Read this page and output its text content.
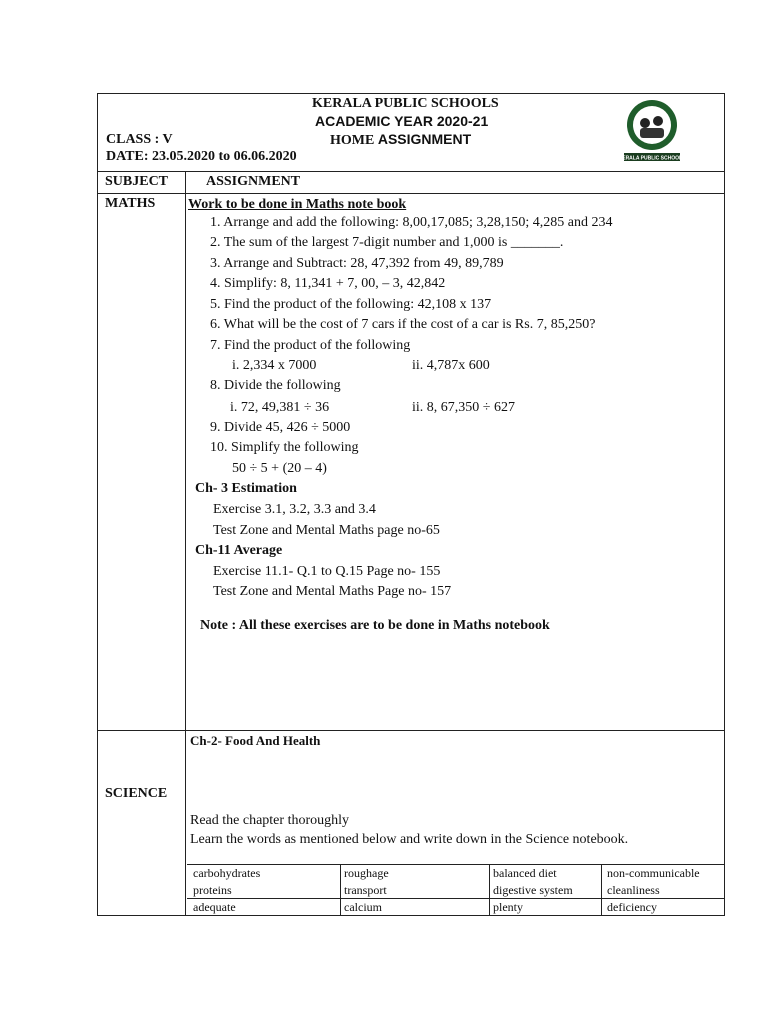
KERALA PUBLIC SCHOOLS
ACADEMIC YEAR 2020-21
HOME ASSIGNMENT
CLASS : V
DATE: 23.05.2020 to 06.06.2020	KERALA PUBLIC SCHOOLS
SUBJECT	ASSIGNMENT
MATHS Work to be done in Maths note book
1. Arrange and add the following: 8,00,17,085; 3,28,150; 4,285 and 234
2. The sum of the largest 7-digit number and 1,000 is _______.
3. Arrange and Subtract: 28, 47,392 from 49, 89,789
4. Simplify: 8, 11,341 + 7, 00, – 3, 42,842
5. Find the product of the following: 42,108 x 137
6. What will be the cost of 7 cars if the cost of a car is Rs. 7, 85,250?
7. Find the product of the following
i. 2,334 x 7000	ii. 4,787x 600
8. Divide the following
i. 72, 49,381 ÷ 36	ii. 8, 67,350 ÷ 627
9. Divide 45, 426 ÷ 5000
10. Simplify the following
50 ÷ 5 + (20 – 4)
Ch- 3 Estimation
Exercise 3.1, 3.2, 3.3 and 3.4
Test Zone and Mental Maths page no-65
Ch-11 Average
Exercise 11.1- Q.1 to Q.15 Page no- 155
Test Zone and Mental Maths Page no- 157
Note : All these exercises are to be done in Maths notebook
SCIENCE
Ch-2- Food And Health
Read the chapter thoroughly
Learn the words as mentioned below and write down in the Science notebook.
carbohydrates	roughage	balanced diet	non-communicable
proteins	transport	digestive system	cleanliness
adequate	calcium	plenty	deficiency
